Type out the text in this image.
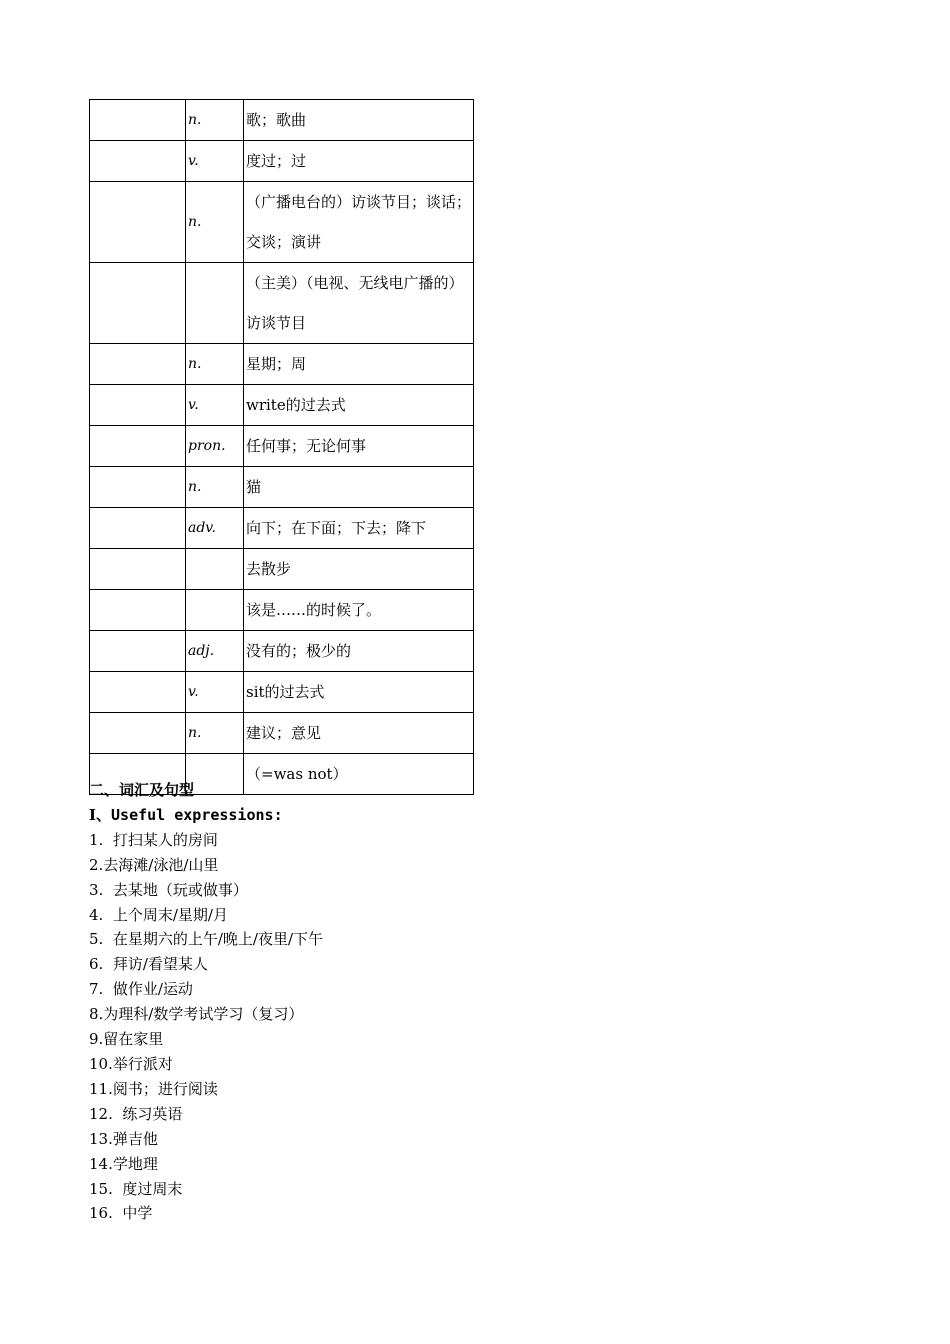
	n.	歌；歌曲
	v.	度过；过
	n.	（广播电台的）访谈节目；谈话；交谈；演讲
		（主美）（电视、无线电广播的）访谈节目
	n.	星期；周
	v.	write的过去式
	pron.	任何事；无论何事
	n.	猫
	adv.	向下；在下面；下去；降下
		去散步
		该是……的时候了。
	adj.	没有的；极少的
	v.	sit的过去式
	n.	建议；意见
		（=was not）
二、词汇及句型
Ⅰ、Useful expressions:
1.  打扫某人的房间
2.去海滩/泳池/山里
3.  去某地（玩或做事）
4.  上个周末/星期/月
5.  在星期六的上午/晚上/夜里/下午
6.  拜访/看望某人
7.  做作业/运动
8.为理科/数学考试学习（复习）
9.留在家里
10.举行派对
11.阅书；进行阅读
12.  练习英语
13.弹吉他
14.学地理
15.  度过周末
16.  中学
